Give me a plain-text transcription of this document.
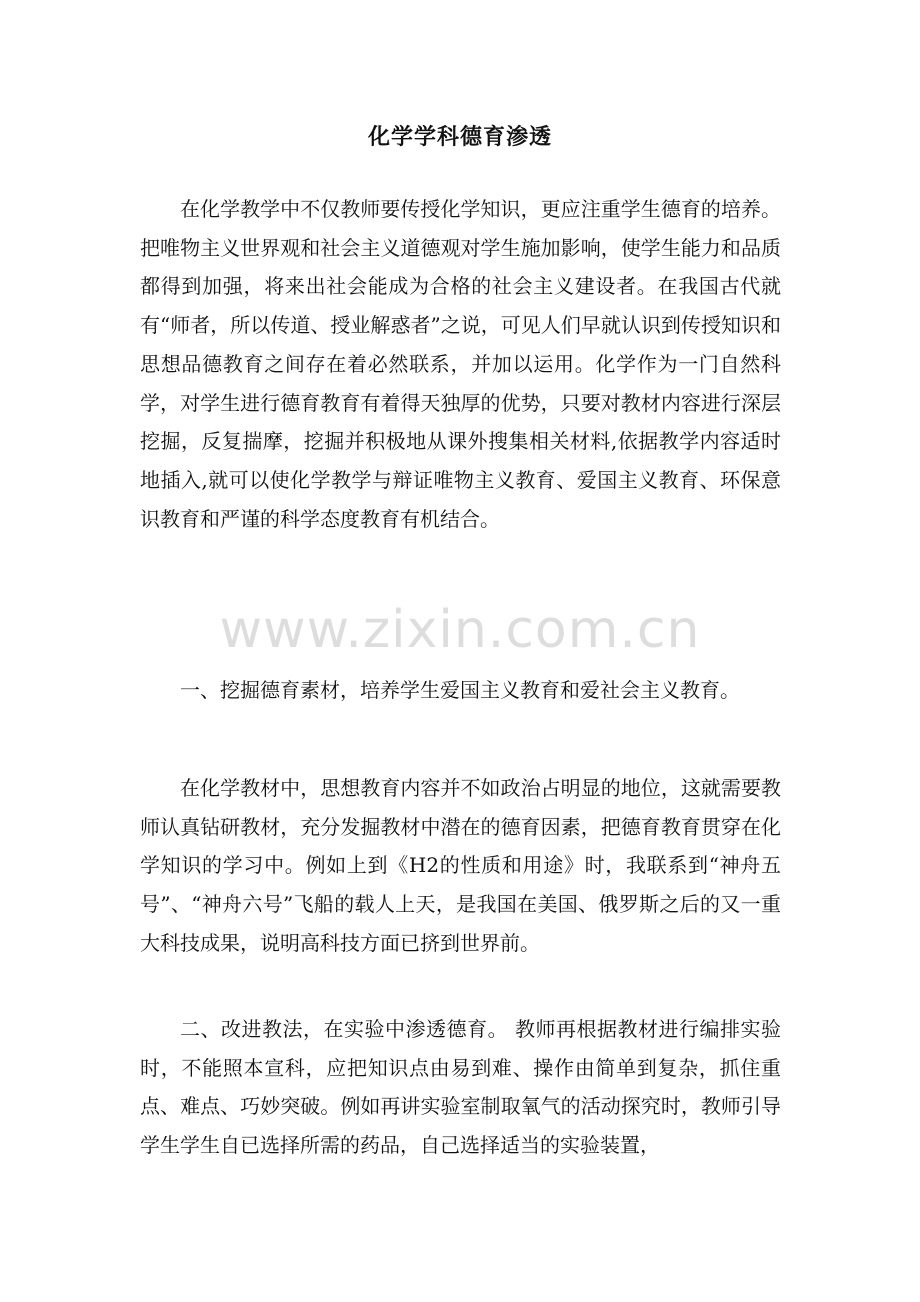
化学学科德育渗透

在化学教学中不仅教师要传授化学知识，更应注重学生德育的培养。把唯物主义世界观和社会主义道德观对学生施加影响，使学生能力和品质都得到加强，将来出社会能成为合格的社会主义建设者。在我国古代就有“师者，所以传道、授业解惑者”之说，可见人们早就认识到传授知识和思想品德教育之间存在着必然联系，并加以运用。化学作为一门自然科学，对学生进行德育教育有着得天独厚的优势，只要对教材内容进行深层挖掘，反复揣摩，挖掘并积极地从课外搜集相关材料,依据教学内容适时地插入,就可以使化学教学与辩证唯物主义教育、爱国主义教育、环保意识教育和严谨的科学态度教育有机结合。

一、挖掘德育素材，培养学生爱国主义教育和爱社会主义教育。

在化学教材中，思想教育内容并不如政治占明显的地位，这就需要教师认真钻研教材，充分发掘教材中潜在的德育因素，把德育教育贯穿在化学知识的学习中。例如上到《H2的性质和用途》时，我联系到“神舟五号”、“神舟六号”飞船的载人上天，是我国在美国、俄罗斯之后的又一重大科技成果，说明高科技方面已挤到世界前。

二、改进教法，在实验中渗透德育。 教师再根据教材进行编排实验时，不能照本宣科，应把知识点由易到难、操作由简单到复杂，抓住重点、难点、巧妙突破。例如再讲实验室制取氧气的活动探究时，教师引导学生学生自已选择所需的药品，自己选择适当的实验装置，

www.zixin.com.cn
